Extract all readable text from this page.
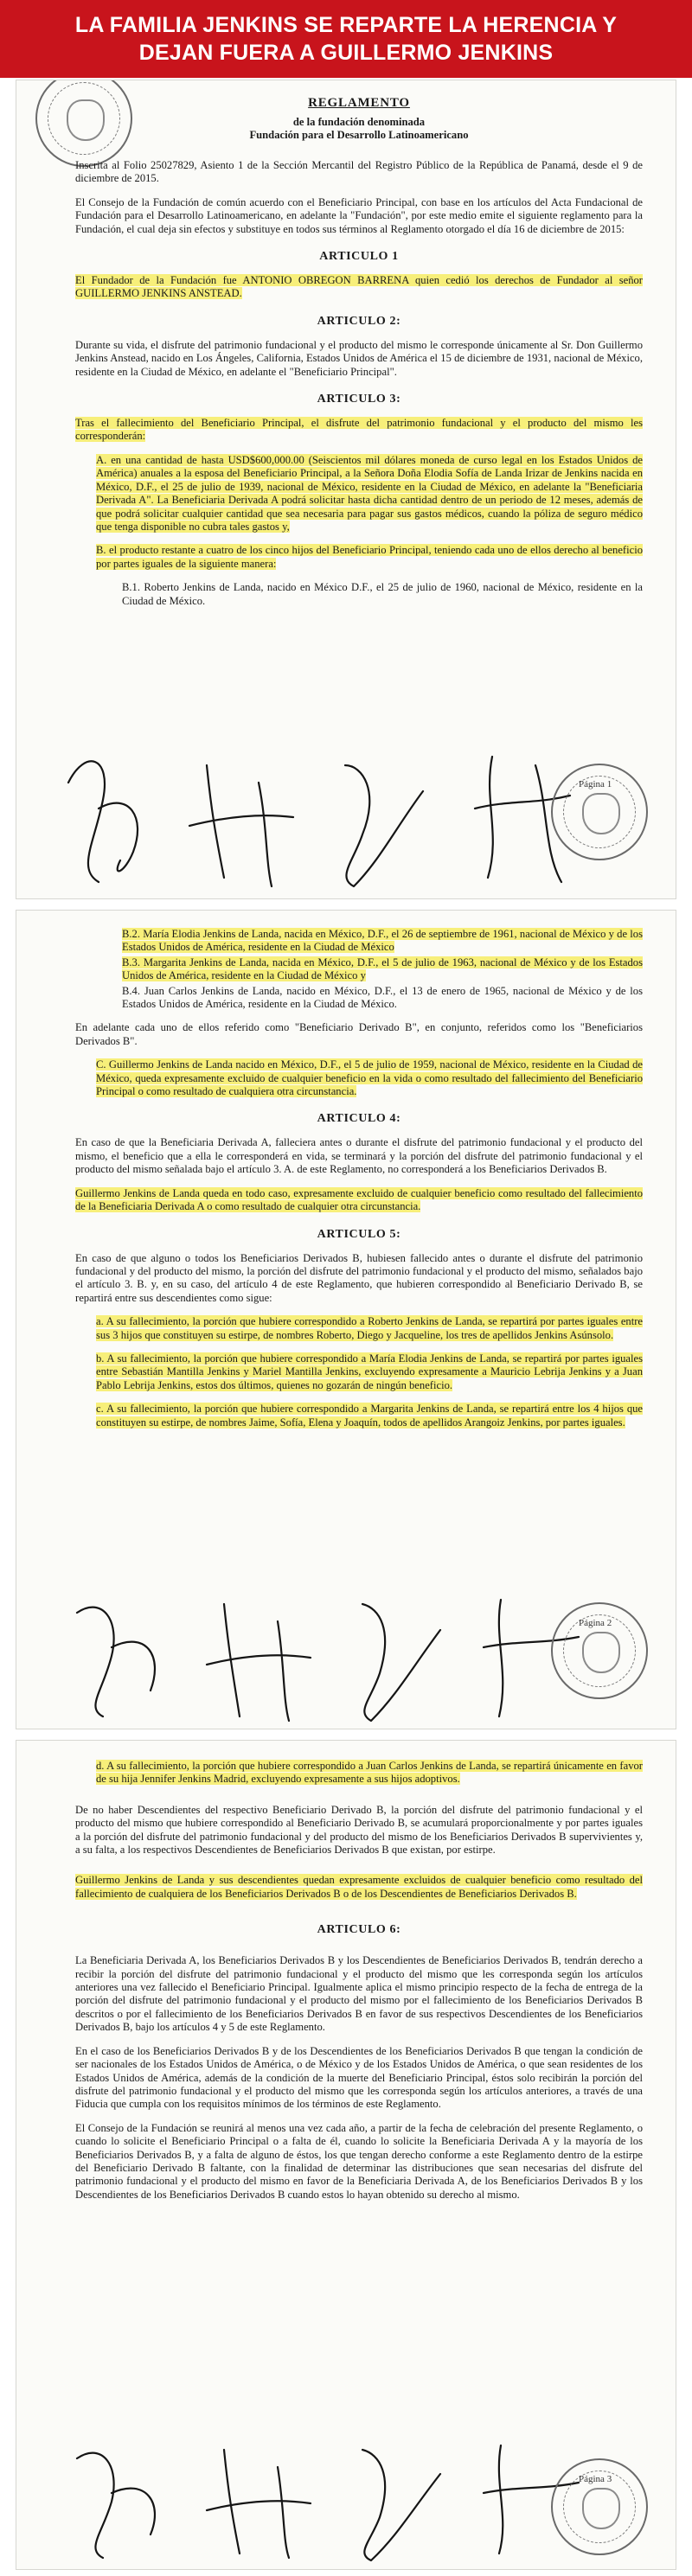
LA FAMILIA JENKINS SE REPARTE LA HERENCIA Y
DEJAN FUERA A GUILLERMO JENKINS

REGLAMENTO

de la fundación denominada

Fundación para el Desarrollo Latinoamericano

Inscrita al Folio 25027829, Asiento 1 de la Sección Mercantil del Registro Público de la República de Panamá, desde el 9 de diciembre de 2015.

El Consejo de la Fundación de común acuerdo con el Beneficiario Principal, con base en los artículos del Acta Fundacional de Fundación para el Desarrollo Latinoamericano, en adelante la "Fundación", por este medio emite el siguiente reglamento para la Fundación, el cual deja sin efectos y substituye en todos sus términos al Reglamento otorgado el día 16 de diciembre de 2015:

ARTICULO 1

El Fundador de la Fundación fue ANTONIO OBREGON BARRENA quien cedió los derechos de Fundador al señor GUILLERMO JENKINS ANSTEAD.

ARTICULO 2:

Durante su vida, el disfrute del patrimonio fundacional y el producto del mismo le corresponde únicamente al Sr. Don Guillermo Jenkins Anstead, nacido en Los Ángeles, California, Estados Unidos de América el 15 de diciembre de 1931, nacional de México, residente en la Ciudad de México, en adelante el "Beneficiario Principal".

ARTICULO 3:

Tras el fallecimiento del Beneficiario Principal, el disfrute del patrimonio fundacional y el producto del mismo les corresponderán:

A. en una cantidad de hasta USD$600,000.00 (Seiscientos mil dólares moneda de curso legal en los Estados Unidos de América) anuales a la esposa del Beneficiario Principal, a la Señora Doña Elodia Sofía de Landa Irizar de Jenkins nacida en México, D.F., el 25 de julio de 1939, nacional de México, residente en la Ciudad de México, en adelante la "Beneficiaria Derivada A". La Beneficiaria Derivada A podrá solicitar hasta dicha cantidad dentro de un periodo de 12 meses, además de que podrá solicitar cualquier cantidad que sea necesaria para pagar sus gastos médicos, cuando la póliza de seguro médico que tenga disponible no cubra tales gastos y,

B. el producto restante a cuatro de los cinco hijos del Beneficiario Principal, teniendo cada uno de ellos derecho al beneficio por partes iguales de la siguiente manera:

B.1. Roberto Jenkins de Landa, nacido en México D.F., el 25 de julio de 1960, nacional de México, residente en la Ciudad de México.

Página 1

B.2. María Elodia Jenkins de Landa, nacida en México, D.F., el 26 de septiembre de 1961, nacional de México y de los Estados Unidos de América, residente en la Ciudad de México

B.3. Margarita Jenkins de Landa, nacida en México, D.F., el 5 de julio de 1963, nacional de México y de los Estados Unidos de América, residente en la Ciudad de México y

B.4. Juan Carlos Jenkins de Landa, nacido en México, D.F., el 13 de enero de 1965, nacional de México y de los Estados Unidos de América, residente en la Ciudad de México.

En adelante cada uno de ellos referido como "Beneficiario Derivado B", en conjunto, referidos como los "Beneficiarios Derivados B".

C. Guillermo Jenkins de Landa nacido en México, D.F., el 5 de julio de 1959, nacional de México, residente en la Ciudad de México, queda expresamente excluido de cualquier beneficio en la vida o como resultado del fallecimiento del Beneficiario Principal o como resultado de cualquiera otra circunstancia.

ARTICULO 4:

En caso de que la Beneficiaria Derivada A, falleciera antes o durante el disfrute del patrimonio fundacional y el producto del mismo, el beneficio que a ella le corresponderá en vida, se terminará y la porción del disfrute del patrimonio fundacional y el producto del mismo señalada bajo el artículo 3. A. de este Reglamento, no corresponderá a los Beneficiarios Derivados B.

Guillermo Jenkins de Landa queda en todo caso, expresamente excluido de cualquier beneficio como resultado del fallecimiento de la Beneficiaria Derivada A o como resultado de cualquier otra circunstancia.

ARTICULO 5:

En caso de que alguno o todos los Beneficiarios Derivados B, hubiesen fallecido antes o durante el disfrute del patrimonio fundacional y del producto del mismo, la porción del disfrute del patrimonio fundacional y el producto del mismo, señalados bajo el artículo 3. B. y, en su caso, del artículo 4 de este Reglamento, que hubieren correspondido al Beneficiario Derivado B, se repartirá entre sus descendientes como sigue:

a. A su fallecimiento, la porción que hubiere correspondido a Roberto Jenkins de Landa, se repartirá por partes iguales entre sus 3 hijos que constituyen su estirpe, de nombres Roberto, Diego y Jacqueline, los tres de apellidos Jenkins Asúnsolo.

b. A su fallecimiento, la porción que hubiere correspondido a María Elodia Jenkins de Landa, se repartirá por partes iguales entre Sebastián Mantilla Jenkins y Mariel Mantilla Jenkins, excluyendo expresamente a Mauricio Lebrija Jenkins y a Juan Pablo Lebrija Jenkins, estos dos últimos, quienes no gozarán de ningún beneficio.

c. A su fallecimiento, la porción que hubiere correspondido a Margarita Jenkins de Landa, se repartirá entre los 4 hijos que constituyen su estirpe, de nombres Jaime, Sofía, Elena y Joaquín, todos de apellidos Arangoiz Jenkins, por partes iguales.

Página 2

d. A su fallecimiento, la porción que hubiere correspondido a Juan Carlos Jenkins de Landa, se repartirá únicamente en favor de su hija Jennifer Jenkins Madrid, excluyendo expresamente a sus hijos adoptivos.

De no haber Descendientes del respectivo Beneficiario Derivado B, la porción del disfrute del patrimonio fundacional y el producto del mismo que hubiere correspondido al Beneficiario Derivado B, se acumulará proporcionalmente y por partes iguales a la porción del disfrute del patrimonio fundacional y del producto del mismo de los Beneficiarios Derivados B supervivientes y, a su falta, a los respectivos Descendientes de Beneficiarios Derivados B que existan, por estirpe.

Guillermo Jenkins de Landa y sus descendientes quedan expresamente excluidos de cualquier beneficio como resultado del fallecimiento de cualquiera de los Beneficiarios Derivados B o de los Descendientes de Beneficiarios Derivados B.

ARTICULO 6:

La Beneficiaria Derivada A, los Beneficiarios Derivados B y los Descendientes de Beneficiarios Derivados B, tendrán derecho a recibir la porción del disfrute del patrimonio fundacional y el producto del mismo que les corresponda según los artículos anteriores una vez fallecido el Beneficiario Principal. Igualmente aplica el mismo principio respecto de la fecha de entrega de la porción del disfrute del patrimonio fundacional y el producto del mismo por el fallecimiento de los Beneficiarios Derivados B descritos o por el fallecimiento de los Beneficiarios Derivados B en favor de sus respectivos Descendientes de los Beneficiarios Derivados B, bajo los artículos 4 y 5 de este Reglamento.

En el caso de los Beneficiarios Derivados B y de los Descendientes de los Beneficiarios Derivados B que tengan la condición de ser nacionales de los Estados Unidos de América, o de México y de los Estados Unidos de América, o que sean residentes de los Estados Unidos de América, además de la condición de la muerte del Beneficiario Principal, éstos solo recibirán la porción del disfrute del patrimonio fundacional y el producto del mismo que les corresponda según los artículos anteriores, a través de una Fiducia que cumpla con los requisitos mínimos de los términos de este Reglamento.

El Consejo de la Fundación se reunirá al menos una vez cada año, a partir de la fecha de celebración del presente Reglamento, o cuando lo solicite el Beneficiario Principal o a falta de él, cuando lo solicite la Beneficiaria Derivada A y la mayoría de los Beneficiarios Derivados B, y a falta de alguno de éstos, los que tengan derecho conforme a este Reglamento dentro de la estirpe del Beneficiario Derivado B faltante, con la finalidad de determinar las distribuciones que sean necesarias del disfrute del patrimonio fundacional y el producto del mismo en favor de la Beneficiaria Derivada A, de los Beneficiarios Derivados B y los Descendientes de los Beneficiarios Derivados B cuando estos lo hayan obtenido su derecho al mismo.

Página 3
